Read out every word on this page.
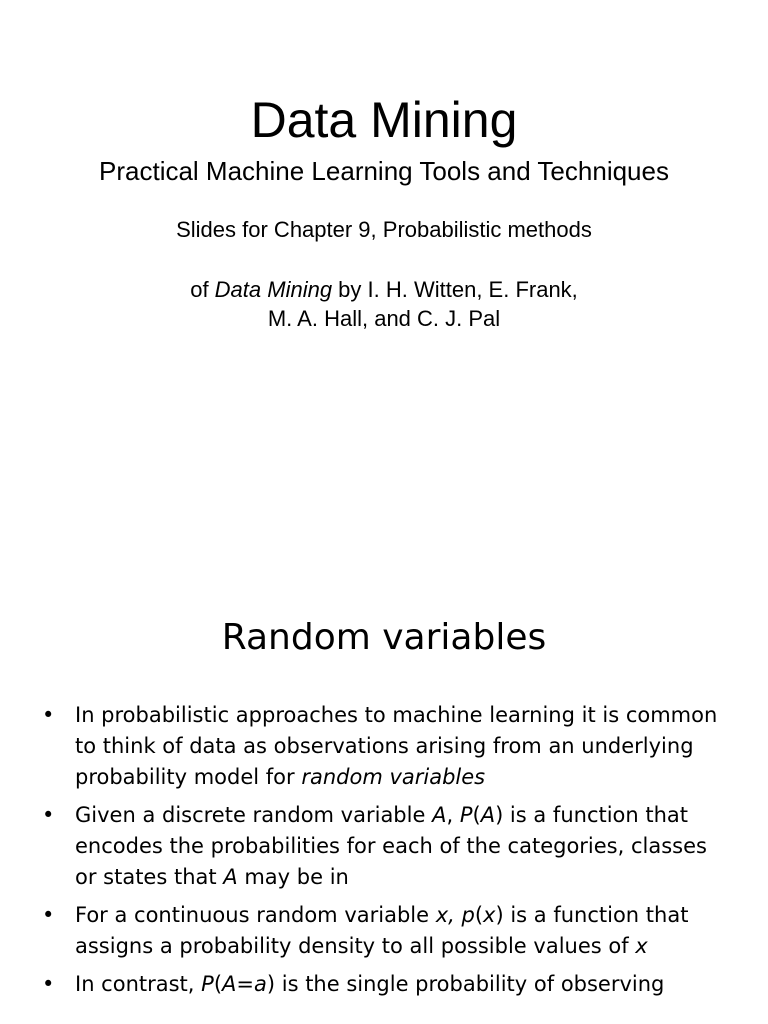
Data Mining
Practical Machine Learning Tools and Techniques
Slides for Chapter 9, Probabilistic methods
of Data Mining by I. H. Witten, E. Frank,
M. A. Hall, and C. J. Pal
Random variables
• In probabilistic approaches to machine learning it is common to think of data as observations arising from an underlying probability model for random variables
• Given a discrete random variable A, P(A) is a function that encodes the probabilities for each of the categories, classes or states that A may be in
• For a continuous random variable x, p(x) is a function that assigns a probability density to all possible values of x
• In contrast, P(A=a) is the single probability of observing
